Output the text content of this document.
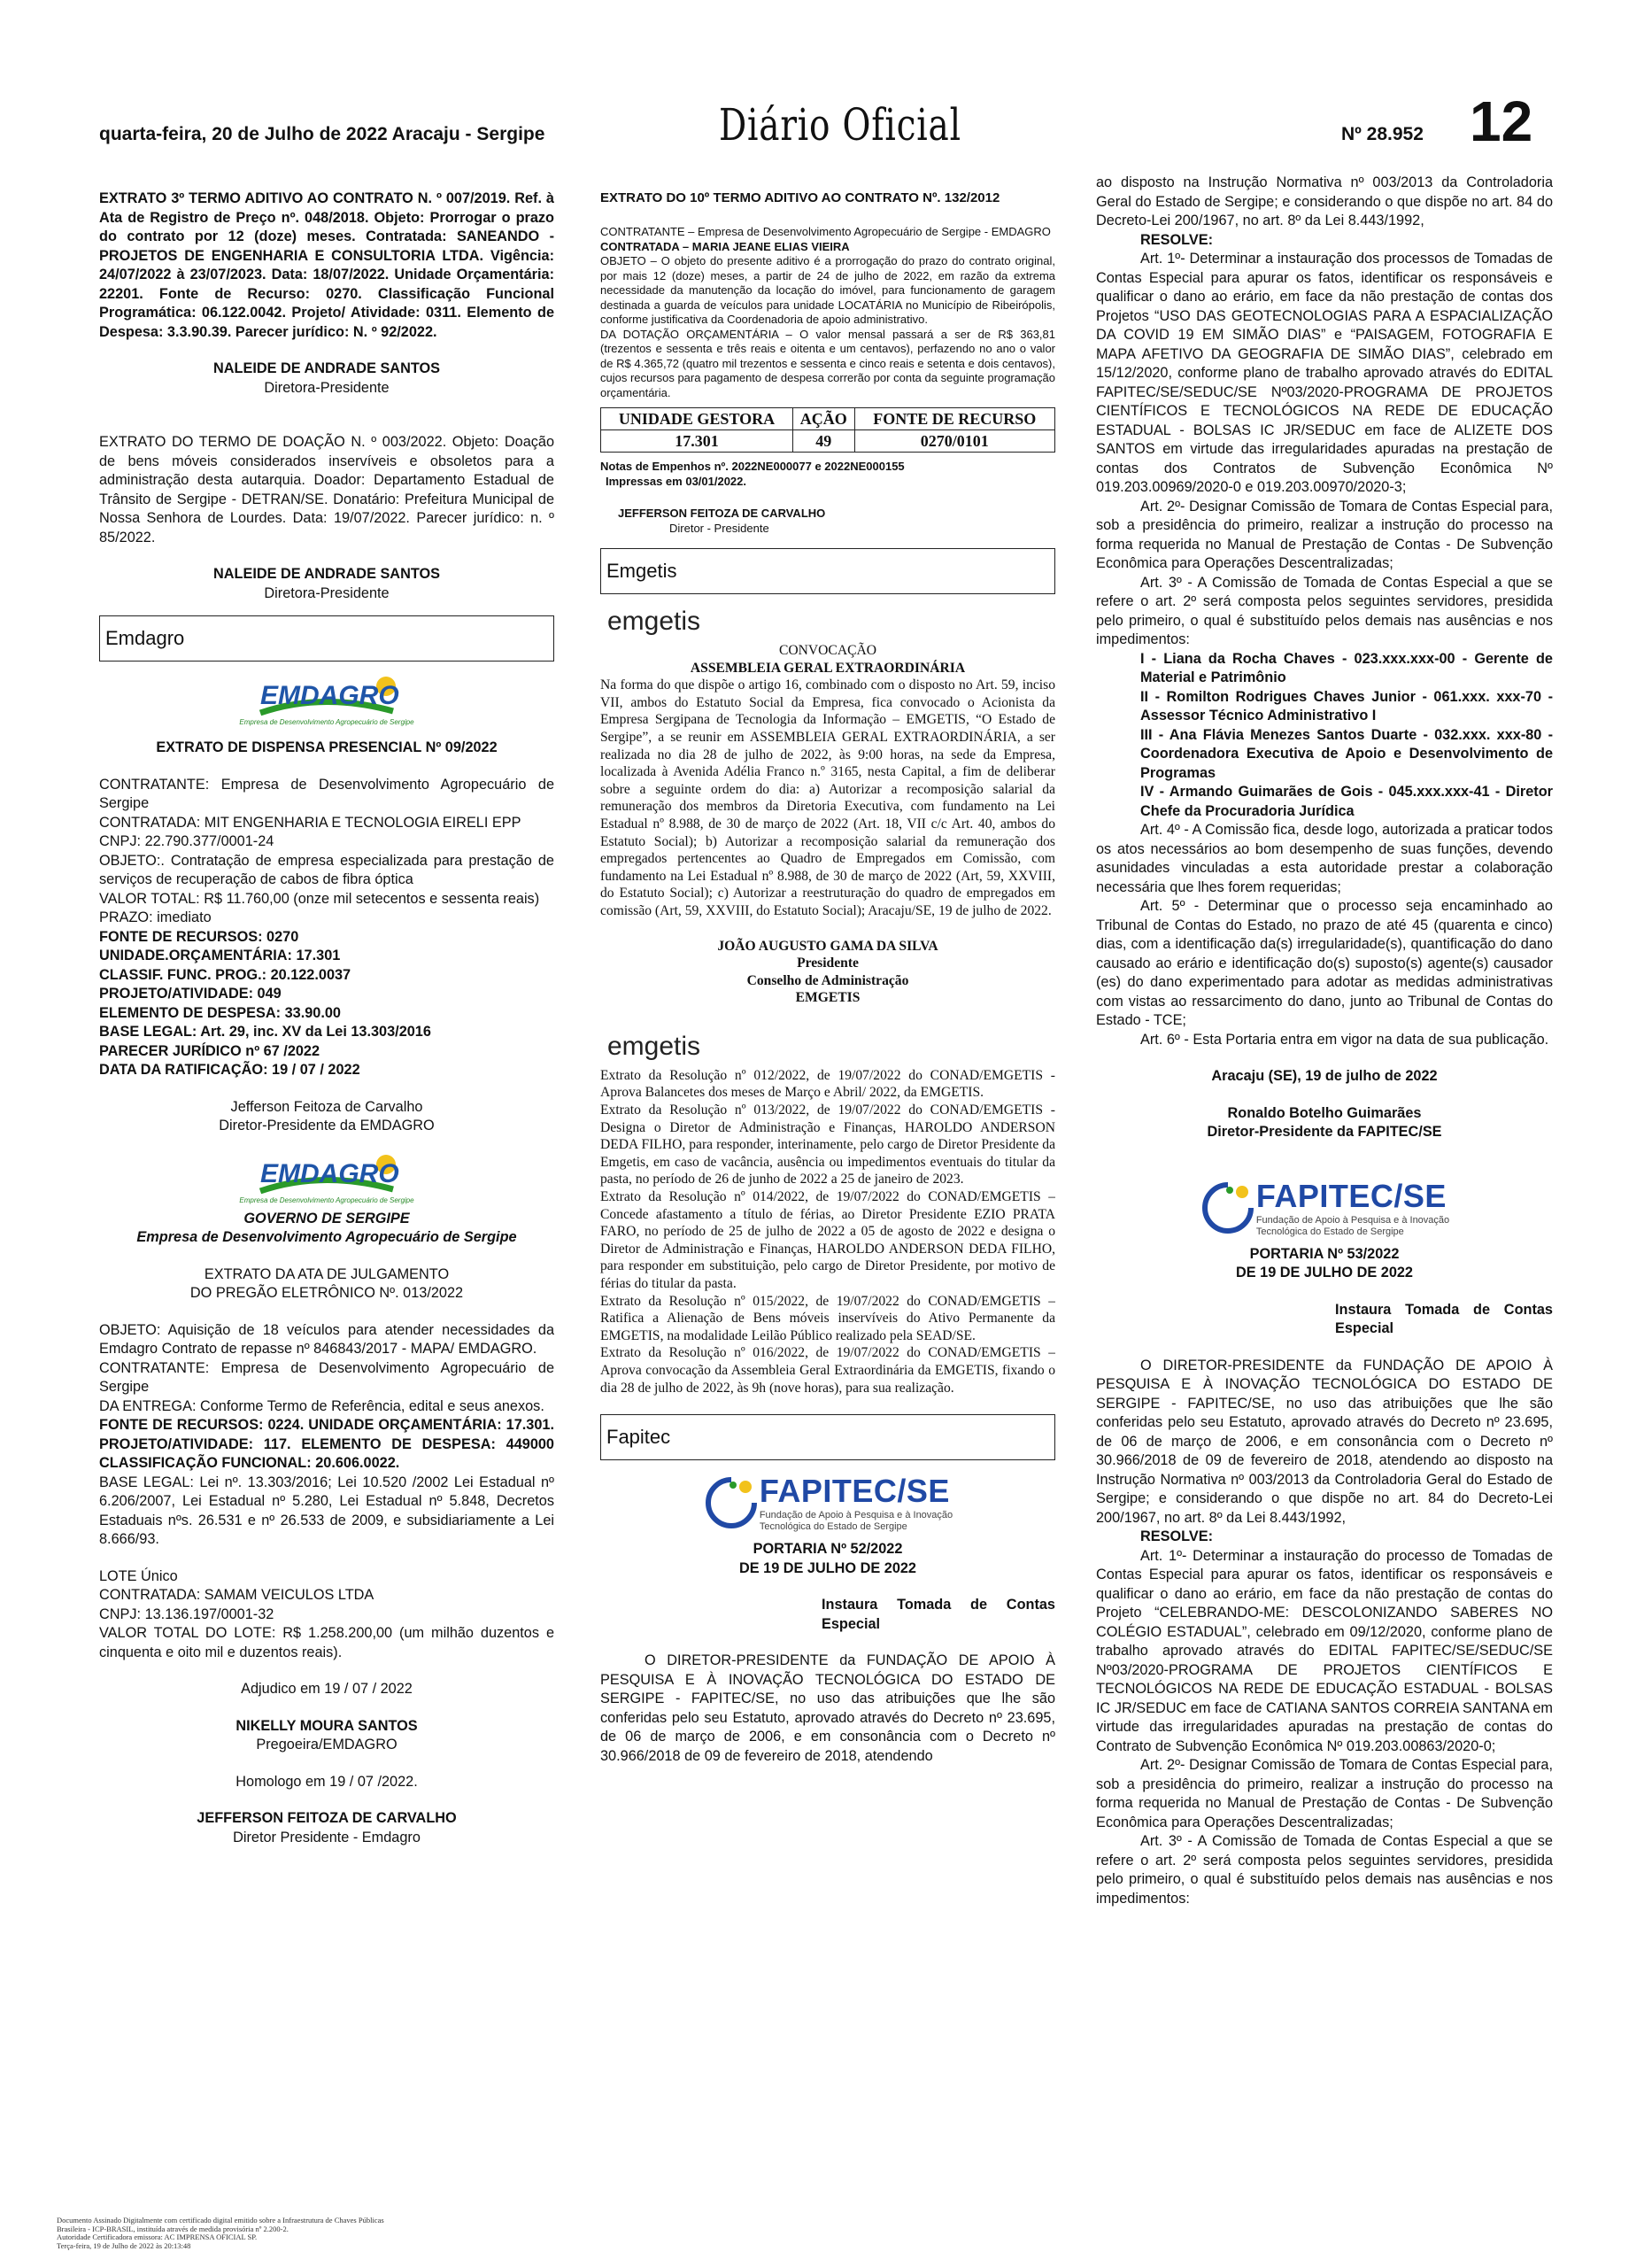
quarta-feira, 20 de Julho de 2022 Aracaju - Sergipe	Diário Oficial	Nº 28.952 12

EXTRATO 3º TERMO ADITIVO AO CONTRATO N. º 007/2019. Ref. à Ata de Registro de Preço nº. 048/2018. Objeto: Prorrogar o prazo do contrato por 12 (doze) meses. Contratada: SANEANDO -PROJETOS DE ENGENHARIA E CONSULTORIA LTDA. Vigência: 24/07/2022 à 23/07/2023. Data: 18/07/2022. Unidade Orçamentária: 22201. Fonte de Recurso: 0270. Classificação Funcional Programática: 06.122.0042. Projeto/ Atividade: 0311. Elemento de Despesa: 3.3.90.39. Parecer jurídico: N. º 92/2022.

NALEIDE DE ANDRADE SANTOS

Diretora-Presidente

EXTRATO DO TERMO DE DOAÇÃO N. º 003/2022. Objeto: Doação de bens móveis considerados inservíveis e obsoletos para a administração desta autarquia. Doador: Departamento Estadual de Trânsito de Sergipe - DETRAN/SE. Donatário: Prefeitura Municipal de Nossa Senhora de Lourdes. Data: 19/07/2022. Parecer jurídico: n. º 85/2022.

NALEIDE DE ANDRADE SANTOS

Diretora-Presidente

Emdagro
EMDAGRO
Empresa de Desenvolvimento Agropecuário de Sergipe

EXTRATO DE DISPENSA PRESENCIAL Nº 09/2022

CONTRATANTE: Empresa de Desenvolvimento Agropecuário de Sergipe

CONTRATADA: MIT ENGENHARIA E TECNOLOGIA EIRELI EPP

CNPJ: 22.790.377/0001-24

OBJETO:. Contratação de empresa especializada para prestação de serviços de recuperação de cabos de fibra óptica

VALOR TOTAL: R$ 11.760,00 (onze mil setecentos e sessenta reais)

PRAZO: imediato

FONTE DE RECURSOS: 0270

UNIDADE.ORÇAMENTÁRIA: 17.301

CLASSIF. FUNC. PROG.: 20.122.0037

PROJETO/ATIVIDADE: 049

ELEMENTO DE DESPESA: 33.90.00

BASE LEGAL: Art. 29, inc. XV da Lei 13.303/2016

PARECER JURÍDICO nº 67 /2022

DATA DA RATIFICAÇÃO: 19 / 07 / 2022

Jefferson Feitoza de Carvalho

Diretor-Presidente da EMDAGRO

EMDAGRO
Empresa de Desenvolvimento Agropecuário de Sergipe

GOVERNO DE SERGIPE

Empresa de Desenvolvimento Agropecuário de Sergipe

EXTRATO DA ATA DE JULGAMENTO

DO PREGÃO ELETRÔNICO Nº. 013/2022

OBJETO: Aquisição de 18 veículos para atender necessidades da Emdagro Contrato de repasse nº 846843/2017 - MAPA/ EMDAGRO.

CONTRATANTE: Empresa de Desenvolvimento Agropecuário de Sergipe

DA ENTREGA: Conforme Termo de Referência, edital e seus anexos.

FONTE DE RECURSOS: 0224. UNIDADE ORÇAMENTÁRIA: 17.301. PROJETO/ATIVIDADE: 117. ELEMENTO DE DESPESA: 449000 CLASSIFICAÇÃO FUNCIONAL: 20.606.0022.

BASE LEGAL: Lei nº. 13.303/2016; Lei 10.520 /2002 Lei Estadual nº 6.206/2007, Lei Estadual nº 5.280, Lei Estadual nº 5.848, Decretos Estaduais nºs. 26.531 e nº 26.533 de 2009, e subsidiariamente a Lei 8.666/93.

LOTE Único

CONTRATADA: SAMAM VEICULOS LTDA

CNPJ: 13.136.197/0001-32

VALOR TOTAL DO LOTE: R$ 1.258.200,00 (um milhão duzentos e cinquenta e oito mil e duzentos reais).

Adjudico em 19 / 07 / 2022

NIKELLY MOURA SANTOS

Pregoeira/EMDAGRO

Homologo em 19 / 07 /2022.

JEFFERSON FEITOZA DE CARVALHO

Diretor Presidente - Emdagro

EXTRATO DO 10º TERMO ADITIVO AO CONTRATO Nº. 132/2012

CONTRATANTE – Empresa de Desenvolvimento Agropecuário de Sergipe - EMDAGRO

CONTRATADA – MARIA JEANE ELIAS VIEIRA

OBJETO – O objeto do presente aditivo é a prorrogação do prazo do contrato original, por mais 12 (doze) meses, a partir de 24 de julho de 2022, em razão da extrema necessidade da manutenção da locação do imóvel, para funcionamento de garagem destinada a guarda de veículos para unidade LOCATÁRIA no Município de Ribeirópolis, conforme justificativa da Coordenadoria de apoio administrativo.

DA DOTAÇÃO ORÇAMENTÁRIA – O valor mensal passará a ser de R$ 363,81 (trezentos e sessenta e três reais e oitenta e um centavos), perfazendo no ano o valor de R$ 4.365,72 (quatro mil trezentos e sessenta e cinco reais e setenta e dois centavos), cujos recursos para pagamento de despesa correrão por conta da seguinte programação orçamentária.

UNIDADE GESTORA	AÇÃO	FONTE DE RECURSO
17.301	49	0270/0101

Notas de Empenhos nº. 2022NE000077 e 2022NE000155

Impressas em 03/01/2022.

JEFFERSON FEITOZA DE CARVALHO

Diretor - Presidente

Emgetis
emgetis

CONVOCAÇÃO

ASSEMBLEIA GERAL EXTRAORDINÁRIA

Na forma do que dispõe o artigo 16, combinado com o disposto no Art. 59, inciso VII, ambos do Estatuto Social da Empresa, fica convocado o Acionista da Empresa Sergipana de Tecnologia da Informação – EMGETIS, “O Estado de Sergipe”, a se reunir em ASSEMBLEIA GERAL EXTRAORDINÁRIA, a ser realizada no dia 28 de julho de 2022, às 9:00 horas, na sede da Empresa, localizada à Avenida Adélia Franco n.º 3165, nesta Capital, a fim de deliberar sobre a seguinte ordem do dia: a) Autorizar a recomposição salarial da remuneração dos membros da Diretoria Executiva, com fundamento na Lei Estadual nº 8.988, de 30 de março de 2022 (Art. 18, VII c/c Art. 40, ambos do Estatuto Social); b) Autorizar a recomposição salarial da remuneração dos empregados pertencentes ao Quadro de Empregados em Comissão, com fundamento na Lei Estadual nº 8.988, de 30 de março de 2022 (Art, 59, XXVIII, do Estatuto Social); c) Autorizar a reestruturação do quadro de empregados em comissão (Art, 59, XXVIII, do Estatuto Social); Aracaju/SE, 19 de julho de 2022.

JOÃO AUGUSTO GAMA DA SILVA

Presidente

Conselho de Administração

EMGETIS

emgetis

Extrato da Resolução nº 012/2022, de 19/07/2022 do CONAD/EMGETIS - Aprova Balancetes dos meses de Março e Abril/ 2022, da EMGETIS.

Extrato da Resolução nº 013/2022, de 19/07/2022 do CONAD/EMGETIS - Designa o Diretor de Administração e Finanças, HAROLDO ANDERSON DEDA FILHO, para responder, interinamente, pelo cargo de Diretor Presidente da Emgetis, em caso de vacância, ausência ou impedimentos eventuais do titular da pasta, no período de 26 de junho de 2022 a 25 de janeiro de 2023.

Extrato da Resolução nº 014/2022, de 19/07/2022 do CONAD/EMGETIS – Concede afastamento a título de férias, ao Diretor Presidente EZIO PRATA FARO, no período de 25 de julho de 2022 a 05 de agosto de 2022 e designa o Diretor de Administração e Finanças, HAROLDO ANDERSON DEDA FILHO, para responder em substituição, pelo cargo de Diretor Presidente, por motivo de férias do titular da pasta.

Extrato da Resolução nº 015/2022, de 19/07/2022 do CONAD/EMGETIS – Ratifica a Alienação de Bens móveis inservíveis do Ativo Permanente da EMGETIS, na modalidade Leilão Público realizado pela SEAD/SE.

Extrato da Resolução nº 016/2022, de 19/07/2022 do CONAD/EMGETIS – Aprova convocação da Assembleia Geral Extraordinária da EMGETIS, fixando o dia 28 de julho de 2022, às 9h (nove horas), para sua realização.

Fapitec
FAPITEC/SE
Fundação de Apoio à Pesquisa e à Inovação
Tecnológica do Estado de Sergipe

PORTARIA Nº 52/2022

DE 19 DE JULHO DE 2022

Instaura Tomada de Contas Especial

O DIRETOR-PRESIDENTE da FUNDAÇÃO DE APOIO À PESQUISA E À INOVAÇÃO TECNOLÓGICA DO ESTADO DE SERGIPE - FAPITEC/SE, no uso das atribuições que lhe são conferidas pelo seu Estatuto, aprovado através do Decreto nº 23.695, de 06 de março de 2006, e em consonância com o Decreto nº 30.966/2018 de 09 de fevereiro de 2018, atendendo

ao disposto na Instrução Normativa nº 003/2013 da Controladoria Geral do Estado de Sergipe; e considerando o que dispõe no art. 84 do Decreto-Lei 200/1967, no art. 8º da Lei 8.443/1992,

RESOLVE:

Art. 1º- Determinar a instauração dos processos de Tomadas de Contas Especial para apurar os fatos, identificar os responsáveis e qualificar o dano ao erário, em face da não prestação de contas dos Projetos “USO DAS GEOTECNOLOGIAS PARA A ESPACIALIZAÇÃO DA COVID 19 EM SIMÃO DIAS” e “PAISAGEM, FOTOGRAFIA E MAPA AFETIVO DA GEOGRAFIA DE SIMÃO DIAS”, celebrado em 15/12/2020, conforme plano de trabalho aprovado através do EDITAL FAPITEC/SE/SEDUC/SE Nº03/2020-PROGRAMA DE PROJETOS CIENTÍFICOS E TECNOLÓGICOS NA REDE DE EDUCAÇÃO ESTADUAL - BOLSAS IC JR/SEDUC em face de ALIZETE DOS SANTOS em virtude das irregularidades apuradas na prestação de contas dos Contratos de Subvenção Econômica Nº 019.203.00969/2020-0 e 019.203.00970/2020-3;

Art. 2º- Designar Comissão de Tomara de Contas Especial para, sob a presidência do primeiro, realizar a instrução do processo na forma requerida no Manual de Prestação de Contas - De Subvenção Econômica para Operações Descentralizadas;

Art. 3º - A Comissão de Tomada de Contas Especial a que se refere o art. 2º será composta pelos seguintes servidores, presidida pelo primeiro, o qual é substituído pelos demais nas ausências e nos impedimentos:

I - Liana da Rocha Chaves - 023.xxx.xxx-00 - Gerente de Material e Patrimônio

II - Romilton Rodrigues Chaves Junior - 061.xxx. xxx-70 - Assessor Técnico Administrativo I

III - Ana Flávia Menezes Santos Duarte - 032.xxx. xxx-80 - Coordenadora Executiva de Apoio e Desenvolvimento de Programas

IV - Armando Guimarães de Gois - 045.xxx.xxx-41 - Diretor Chefe da Procuradoria Jurídica

Art. 4º - A Comissão fica, desde logo, autorizada a praticar todos os atos necessários ao bom desempenho de suas funções, devendo asunidades vinculadas a esta autoridade prestar a colaboração necessária que lhes forem requeridas;

Art. 5º - Determinar que o processo seja encaminhado ao Tribunal de Contas do Estado, no prazo de até 45 (quarenta e cinco) dias, com a identificação da(s) irregularidade(s), quantificação do dano causado ao erário e identificação do(s) suposto(s) agente(s) causador (es) do dano experimentado para adotar as medidas administrativas com vistas ao ressarcimento do dano, junto ao Tribunal de Contas do Estado - TCE;

Art. 6º - Esta Portaria entra em vigor na data de sua publicação.

Aracaju (SE), 19 de julho de 2022

Ronaldo Botelho Guimarães

Diretor-Presidente da FAPITEC/SE

FAPITEC/SE
Fundação de Apoio à Pesquisa e à Inovação
Tecnológica do Estado de Sergipe

PORTARIA Nº 53/2022

DE 19 DE JULHO DE 2022

Instaura Tomada de Contas Especial

O DIRETOR-PRESIDENTE da FUNDAÇÃO DE APOIO À PESQUISA E À INOVAÇÃO TECNOLÓGICA DO ESTADO DE SERGIPE - FAPITEC/SE, no uso das atribuições que lhe são conferidas pelo seu Estatuto, aprovado através do Decreto nº 23.695, de 06 de março de 2006, e em consonância com o Decreto nº 30.966/2018 de 09 de fevereiro de 2018, atendendo ao disposto na Instrução Normativa nº 003/2013 da Controladoria Geral do Estado de Sergipe; e considerando o que dispõe no art. 84 do Decreto-Lei 200/1967, no art. 8º da Lei 8.443/1992,

RESOLVE:

Art. 1º- Determinar a instauração do processo de Tomadas de Contas Especial para apurar os fatos, identificar os responsáveis e qualificar o dano ao erário, em face da não prestação de contas do Projeto “CELEBRANDO-ME: DESCOLONIZANDO SABERES NO COLÉGIO ESTADUAL”, celebrado em 09/12/2020, conforme plano de trabalho aprovado através do EDITAL FAPITEC/SE/SEDUC/SE Nº03/2020-PROGRAMA DE PROJETOS CIENTÍFICOS E TECNOLÓGICOS NA REDE DE EDUCAÇÃO ESTADUAL - BOLSAS IC JR/SEDUC em face de CATIANA SANTOS CORREIA SANTANA em virtude das irregularidades apuradas na prestação de contas do Contrato de Subvenção Econômica Nº 019.203.00863/2020-0;

Art. 2º- Designar Comissão de Tomara de Contas Especial para, sob a presidência do primeiro, realizar a instrução do processo na forma requerida no Manual de Prestação de Contas - De Subvenção Econômica para Operações Descentralizadas;

Art. 3º - A Comissão de Tomada de Contas Especial a que se refere o art. 2º será composta pelos seguintes servidores, presidida pelo primeiro, o qual é substituído pelos demais nas ausências e nos impedimentos:

Documento Assinado Digitalmente com certificado digital emitido sobre a Infraestrutura de Chaves Públicas
Brasileira - ICP-BRASIL, instituída através de medida provisória nº 2.200-2.
Autoridade Certificadora emissora: AC IMPRENSA OFICIAL SP.
Terça-feira, 19 de Julho de 2022 às 20:13:48
